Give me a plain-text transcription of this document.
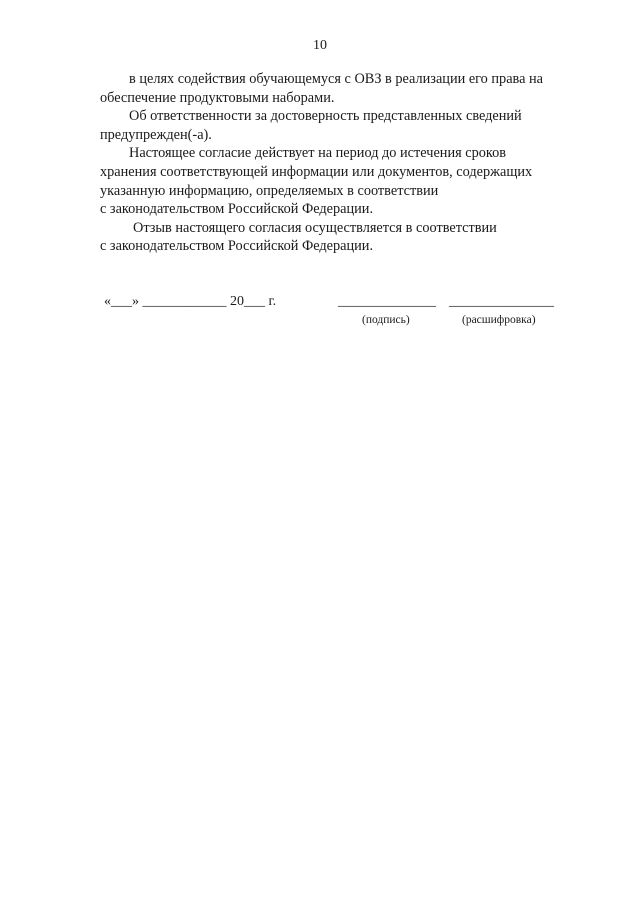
10

в целях содействия обучающемуся с ОВЗ в реализации его права на
обеспечение продуктовыми наборами.

Об ответственности за достоверность представленных сведений
предупрежден(-а).

Настоящее согласие действует на период до истечения сроков
хранения соответствующей информации или документов, содержащих
указанную информацию, определяемых в соответствии
с законодательством Российской Федерации.

Отзыв настоящего согласия осуществляется в соответствии
с законодательством Российской Федерации.

«___» ____________ 20___ г.	______________ _______________
(подпись)	(расшифровка)
